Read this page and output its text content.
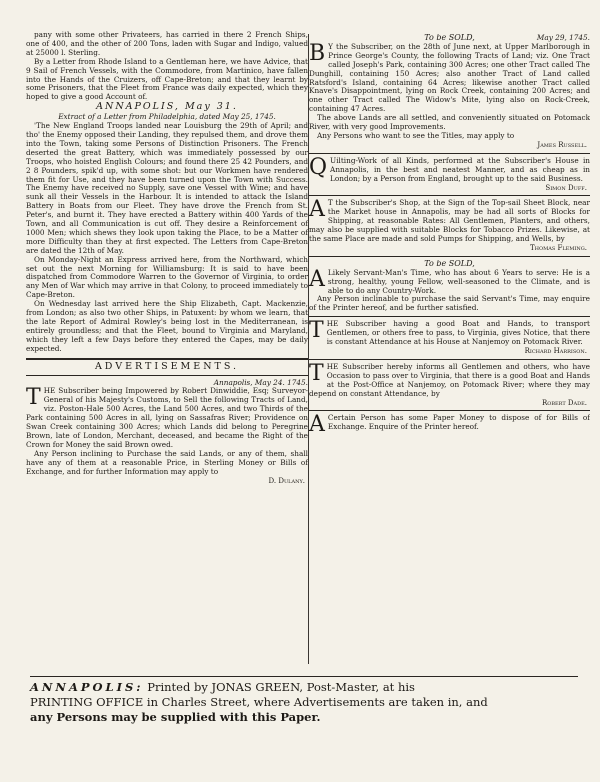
pany with some other Privateers, has carried in there 2 French Ships, one of 400, and the other of 200 Tons, laden with Sugar and Indigo, valued at 25000 l. Sterling.

By a Letter from Rhode Island to a Gentleman here, we have Advice, that 9 Sail of French Vessels, with the Commodore, from Martinico, have fallen into the Hands of the Cruizers, off Cape-Breton; and that they learnt by some Prisoners, that the Fleet from France was daily expected, which they hoped to give a good Account of.

ANNAPOLIS, May 31.
Extract of a Letter from Philadelphia, dated May 25, 1745.

'The New England Troops landed near Louisburg the 29th of April; and tho' the Enemy opposed their Landing, they repulsed them, and drove them into the Town, taking some Persons of Distinction Prisoners. The French deserted the great Battery, which was immediately possessed by our Troops, who hoisted English Colours; and found there 25 42 Pounders, and 2 8 Pounders, spik'd up, with some shot: but our Workmen have rendered them fit for Use, and they have been turned upon the Town with Success. The Enemy have received no Supply, save one Vessel with Wine; and have sunk all their Vessels in the Harbour. It is intended to attack the Island Battery in Boats from our Fleet. They have drove the French from St. Peter's, and burnt it. They have erected a Battery within 400 Yards of the Town, and all Communication is cut off. They desire a Reinforcement of 1000 Men; which shews they look upon taking the Place, to be a Matter of more Difficulty than they at first expected. The Letters from Cape-Breton are dated the 12th of May.

On Monday-Night an Express arrived here, from the Northward, which set out the next Morning for Williamsburg: It is said to have been dispatched from Commodore Warren to the Governor of Virginia, to order any Men of War which may arrive in that Colony, to proceed immediately to Cape-Breton.

On Wednesday last arrived here the Ship Elizabeth, Capt. Mackenzie, from London; as also two other Ships, in Patuxent: by whom we learn, that the late Report of Admiral Rowley's being lost in the Mediterranean, is entirely groundless; and that the Fleet, bound to Virginia and Maryland, which they left a few Days before they entered the Capes, may be daily expected.

ADVERTISEMENTS.
Annapolis, May 24. 1745.
T HE Subscriber being Impowered by Robert Dinwiddie, Esq; Surveyor-General of his Majesty's Customs, to Sell the following Tracts of Land, viz. Poston-Hale 500 Acres, the Land 500 Acres, and two Thirds of the Park containing 500 Acres in all, lying on Sassafras River; Providence on Swan Creek containing 300 Acres; which Lands did belong to Peregrine Brown, late of London, Merchant, deceased, and became the Right of the Crown for Money the said Brown owed.

Any Person inclining to Purchase the said Lands, or any of them, shall have any of them at a reasonable Price, in Sterling Money or Bills of Exchange, and for further Information may apply to

D. Dulany.
To be SOLD,	May 29, 1745.
B Y the Subscriber, on the 28th of June next, at Upper Marlborough in Prince George's County, the following Tracts of Land; viz. One Tract called Joseph's Park, containing 300 Acres; one other Tract called The Dunghill, containing 150 Acres; also another Tract of Land called Ratsford's Island, containing 64 Acres; likewise another Tract called Knave's Disappointment, lying on Rock Creek, containing 200 Acres; and one other Tract called The Widow's Mite, lying also on Rock-Creek, containing 47 Acres.

The above Lands are all settled, and conveniently situated on Potomack River, with very good Improvements.

Any Persons who want to see the Titles, may apply to

James Russell.
Q Uilting-Work of all Kinds, performed at the Subscriber's House in Annapolis, in the best and neatest Manner, and as cheap as in London; by a Person from England, brought up to the said Business.
Simon Duff.
A T the Subscriber's Shop, at the Sign of the Top-sail Sheet Block, near the Market house in Annapolis, may be had all sorts of Blocks for Shipping, at reasonable Rates: All Gentlemen, Planters, and others, may also be supplied with suitable Blocks for Tobacco Prizes. Likewise, at the same Place are made and sold Pumps for Shipping, and Wells, by
Thomas Fleming.
To be SOLD,
A Likely Servant-Man's Time, who has about 6 Years to serve: He is a strong, healthy, young Fellow, well-seasoned to the Climate, and is able to do any Country-Work.

Any Person inclinable to purchase the said Servant's Time, may enquire of the Printer hereof, and be further satisfied.

T HE Subscriber having a good Boat and Hands, to transport Gentlemen, or others free to pass, to Virginia, gives Notice, that there is constant Attendance at his House at Nanjemoy on Potomack River.
Richard Harrison.
T HE Subscriber hereby informs all Gentlemen and others, who have Occasion to pass over to Virginia, that there is a good Boat and Hands at the Post-Office at Nanjemoy, on Potomack River; where they may depend on constant Attendance, by
Robert Dade.
A Certain Person has some Paper Money to dispose of for Bills of Exchange. Enquire of the Printer hereof.
ANNAPOLIS: Printed by JONAS GREEN, Post-Master, at his
PRINTING OFFICE in Charles Street, where Advertisements are taken in, and
any Persons may be supplied with this Paper.
